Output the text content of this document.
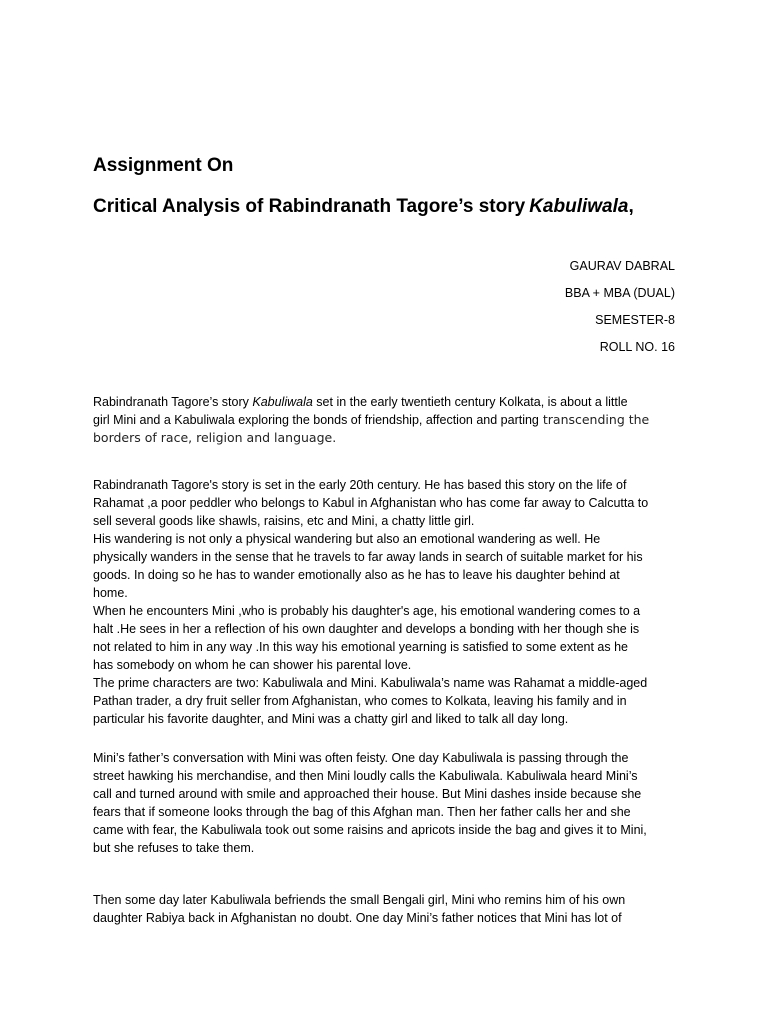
Assignment On
Critical Analysis of Rabindranath Tagore’s story Kabuliwala,
GAURAV DABRAL
BBA + MBA (DUAL)
SEMESTER-8
ROLL NO. 16

Rabindranath Tagore’s story Kabuliwala set in the early twentieth century Kolkata, is about a little
girl Mini and a Kabuliwala exploring the bonds of friendship, affection and parting transcending the
borders of race, religion and language.

Rabindranath Tagore's story is set in the early 20th century. He has based this story on the life of
Rahamat ,a poor peddler who belongs to Kabul in Afghanistan who has come far away to Calcutta to
sell several goods like shawls, raisins, etc and Mini, a chatty little girl.
His wandering is not only a physical wandering but also an emotional wandering as well. He
physically wanders in the sense that he travels to far away lands in search of suitable market for his
goods. In doing so he has to wander emotionally also as he has to leave his daughter behind at
home.
When he encounters Mini ,who is probably his daughter's age, his emotional wandering comes to a
halt .He sees in her a reflection of his own daughter and develops a bonding with her though she is
not related to him in any way .In this way his emotional yearning is satisfied to some extent as he
has somebody on whom he can shower his parental love.
The prime characters are two: Kabuliwala and Mini. Kabuliwala’s name was Rahamat a middle-aged
Pathan trader, a dry fruit seller from Afghanistan, who comes to Kolkata, leaving his family and in
particular his favorite daughter, and Mini was a chatty girl and liked to talk all day long.

Mini’s father’s conversation with Mini was often feisty. One day Kabuliwala is passing through the
street hawking his merchandise, and then Mini loudly calls the Kabuliwala. Kabuliwala heard Mini’s
call and turned around with smile and approached their house. But Mini dashes inside because she
fears that if someone looks through the bag of this Afghan man. Then her father calls her and she
came with fear, the Kabuliwala took out some raisins and apricots inside the bag and gives it to Mini,
but she refuses to take them.

Then some day later Kabuliwala befriends the small Bengali girl, Mini who remins him of his own
daughter Rabiya back in Afghanistan no doubt. One day Mini’s father notices that Mini has lot of
